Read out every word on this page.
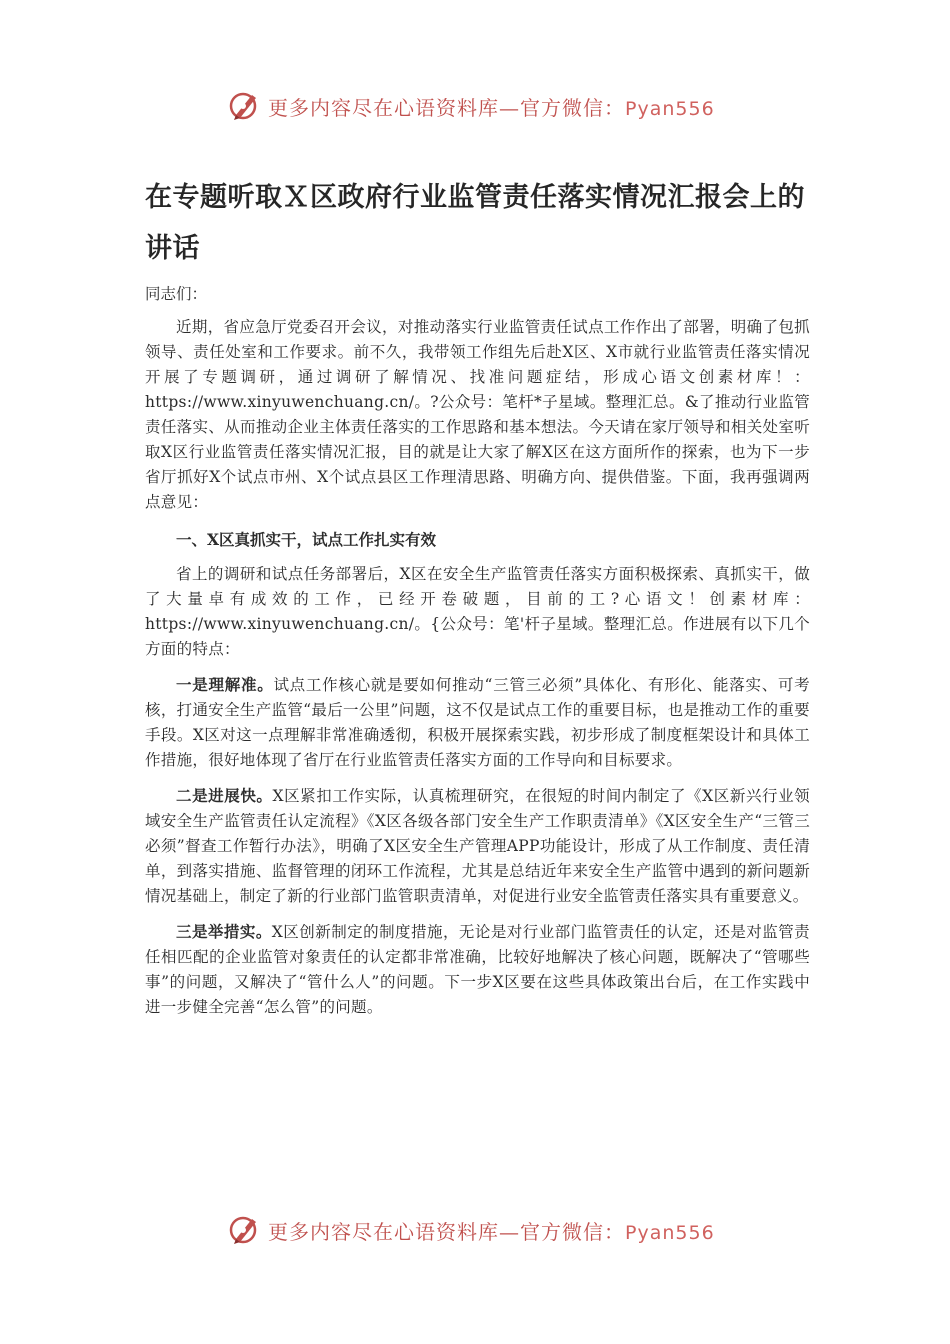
更多内容尽在心语资料库—官方微信：Pyan556
在专题听取Ｘ区政府行业监管责任落实情况汇报会上的讲话
同志们：

近期，省应急厅党委召开会议，对推动落实行业监管责任试点工作作出了部署，明确了包抓领导、责任处室和工作要求。前不久，我带领工作组先后赴X区、X市就行业监管责任落实情况开展了专题调研，通过调研了解情况、找准问题症结，形成心语文创素材库！：https://www.xinyuwenchuang.cn/。?公众号：笔杆*子星域。整理汇总。&了推动行业监管责任落实、从而推动企业主体责任落实的工作思路和基本想法。今天请在家厅领导和相关处室听取X区行业监管责任落实情况汇报，目的就是让大家了解X区在这方面所作的探索，也为下一步省厅抓好X个试点市州、X个试点县区工作理清思路、明确方向、提供借鉴。下面，我再强调两点意见：

一、X区真抓实干，试点工作扎实有效

省上的调研和试点任务部署后，X区在安全生产监管责任落实方面积极探索、真抓实干，做了大量卓有成效的工作，已经开卷破题，目前的工?心语文！创素材库：https://www.xinyuwenchuang.cn/。{公众号：笔'杆子星域。整理汇总。作进展有以下几个方面的特点：

一是理解准。试点工作核心就是要如何推动“三管三必须”具体化、有形化、能落实、可考核，打通安全生产监管“最后一公里”问题，这不仅是试点工作的重要目标，也是推动工作的重要手段。X区对这一点理解非常准确透彻，积极开展探索实践，初步形成了制度框架设计和具体工作措施，很好地体现了省厅在行业监管责任落实方面的工作导向和目标要求。

二是进展快。X区紧扣工作实际，认真梳理研究，在很短的时间内制定了《X区新兴行业领域安全生产监管责任认定流程》《X区各级各部门安全生产工作职责清单》《X区安全生产“三管三必须”督查工作暂行办法》，明确了X区安全生产管理APP功能设计，形成了从工作制度、责任清单，到落实措施、监督管理的闭环工作流程，尤其是总结近年来安全生产监管中遇到的新问题新情况基础上，制定了新的行业部门监管职责清单，对促进行业安全监管责任落实具有重要意义。

三是举措实。X区创新制定的制度措施，无论是对行业部门监管责任的认定，还是对监管责任相匹配的企业监管对象责任的认定都非常准确，比较好地解决了核心问题，既解决了“管哪些事”的问题，又解决了“管什么人”的问题。下一步X区要在这些具体政策出台后，在工作实践中进一步健全完善“怎么管”的问题。

更多内容尽在心语资料库—官方微信：Pyan556
